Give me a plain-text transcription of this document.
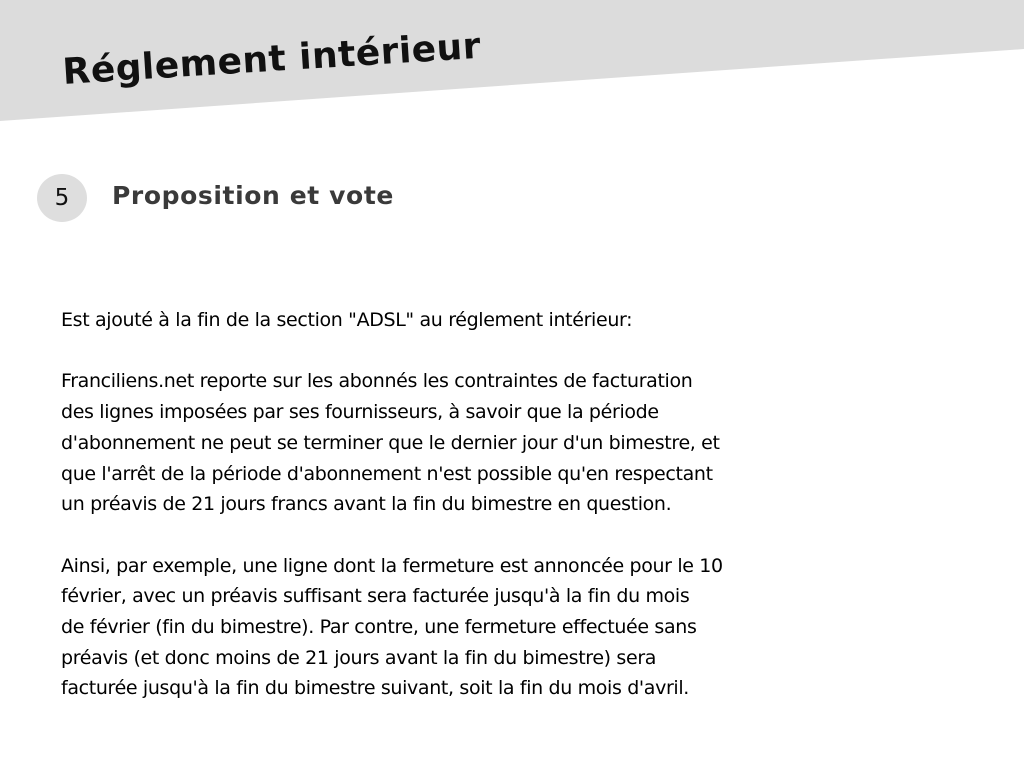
Réglement intérieur
5	Proposition et vote

Est ajouté à la fin de la section "ADSL" au réglement intérieur:

Franciliens.net reporte sur les abonnés les contraintes de facturation
des lignes imposées par ses fournisseurs, à savoir que la période
d'abonnement ne peut se terminer que le dernier jour d'un bimestre, et
que l'arrêt de la période d'abonnement n'est possible qu'en respectant
un préavis de 21 jours francs avant la fin du bimestre en question.

Ainsi, par exemple, une ligne dont la fermeture est annoncée pour le 10
février, avec un préavis suffisant sera facturée jusqu'à la fin du mois
de février (fin du bimestre). Par contre, une fermeture effectuée sans
préavis (et donc moins de 21 jours avant la fin du bimestre) sera
facturée jusqu'à la fin du bimestre suivant, soit la fin du mois d'avril.
